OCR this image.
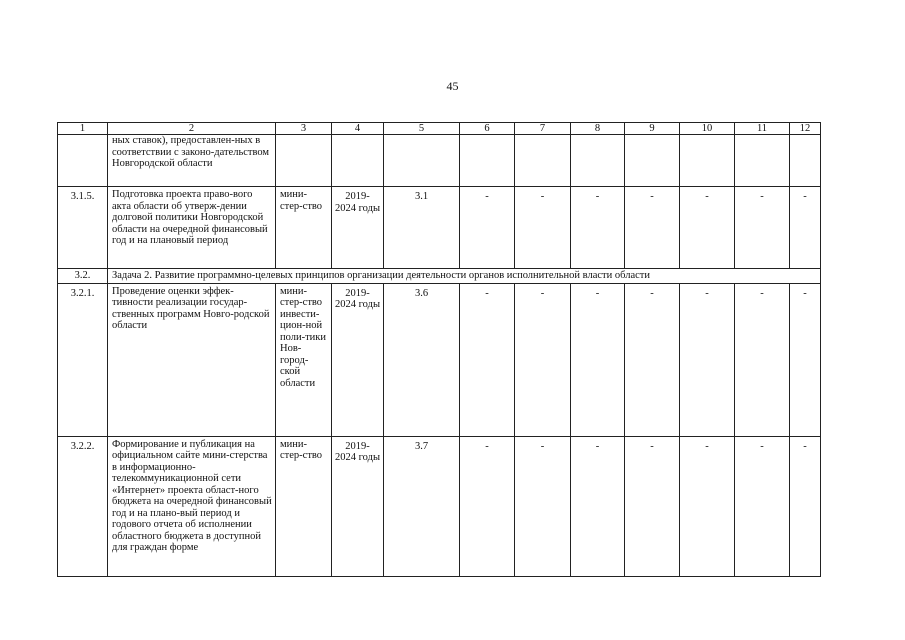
45
1	2	3	4	5	6	7	8	9	10	11	12
	ных ставок), предоставлен-ных в соответствии с законо-дательством Новгородской области										
3.1.5.	Подготовка проекта право-вого акта области об утверж-дении долговой политики Новгородской области на очередной финансовый год и на плановый период	мини-стер-ство	2019-2024 годы	3.1	-	-	-	-	-	-	-
3.2.	Задача 2. Развитие программно-целевых принципов организации деятельности органов исполнительной власти области										
3.2.1.	Проведение оценки эффек-тивности реализации государ-ственных программ Новго-родской области	мини-стер-ство инвести-цион-ной поли-тики Нов-город-ской области	2019-2024 годы	3.6	-	-	-	-	-	-	-
3.2.2.	Формирование и публикация на официальном сайте мини-стерства в информационно-телекоммуникационной сети «Интернет» проекта област-ного бюджета на очередной финансовый год и на плано-вый период и годового отчета об исполнении областного бюджета в доступной для граждан форме	мини-стер-ство	2019-2024 годы	3.7	-	-	-	-	-	-	-
